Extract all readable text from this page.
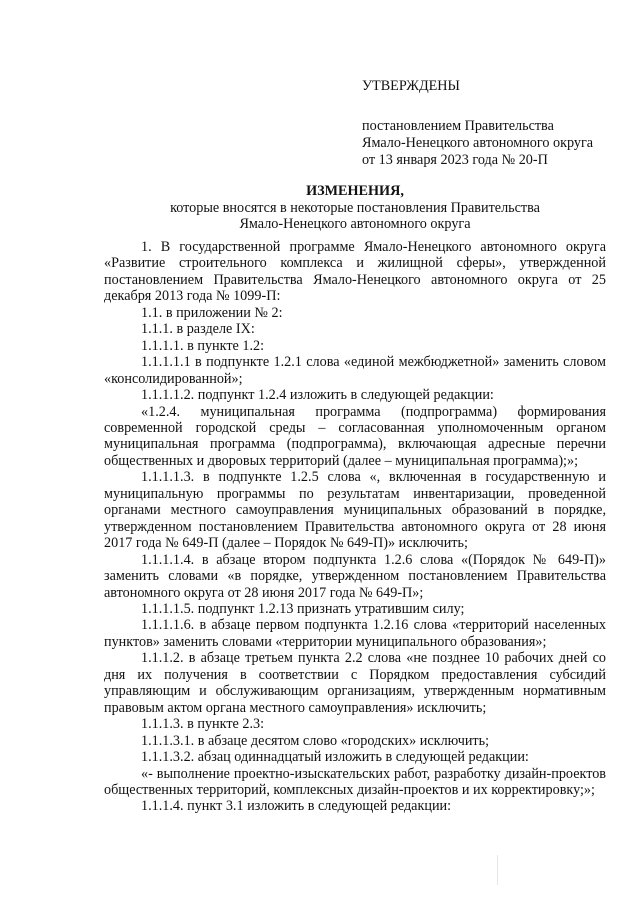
УТВЕРЖДЕНЫ
постановлением Правительства
Ямало-Ненецкого автономного округа
от 13 января 2023 года № 20-П
ИЗМЕНЕНИЯ,
которые вносятся в некоторые постановления Правительства
Ямало-Ненецкого автономного округа

1. В государственной программе Ямало-Ненецкого автономного округа «Развитие строительного комплекса и жилищной сферы», утвержденной постановлением Правительства Ямало-Ненецкого автономного округа от 25 декабря 2013 года № 1099-П:

1.1. в приложении № 2:

1.1.1. в разделе IX:

1.1.1.1. в пункте 1.2:

1.1.1.1.1 в подпункте 1.2.1 слова «единой межбюджетной» заменить словом «консолидированной»;

1.1.1.1.2. подпункт 1.2.4 изложить в следующей редакции:

«1.2.4. муниципальная программа (подпрограмма) формирования современной городской среды – согласованная уполномоченным органом муниципальная программа (подпрограмма), включающая адресные перечни общественных и дворовых территорий (далее – муниципальная программа);»;

1.1.1.1.3. в подпункте 1.2.5 слова «, включенная в государственную и муниципальную программы по результатам инвентаризации, проведенной органами местного самоуправления муниципальных образований в порядке, утвержденном постановлением Правительства автономного округа от 28 июня 2017 года № 649-П (далее – Порядок № 649-П)» исключить;

1.1.1.1.4. в абзаце втором подпункта 1.2.6 слова «(Порядок № 649-П)» заменить словами «в порядке, утвержденном постановлением Правительства автономного округа от 28 июня 2017 года № 649-П»;

1.1.1.1.5. подпункт 1.2.13 признать утратившим силу;

1.1.1.1.6. в абзаце первом подпункта 1.2.16 слова «территорий населенных пунктов» заменить словами «территории муниципального образования»;

1.1.1.2. в абзаце третьем пункта 2.2 слова «не позднее 10 рабочих дней со дня их получения в соответствии с Порядком предоставления субсидий управляющим и обслуживающим организациям, утвержденным нормативным правовым актом органа местного самоуправления» исключить;

1.1.1.3. в пункте 2.3:

1.1.1.3.1. в абзаце десятом слово «городских» исключить;

1.1.1.3.2. абзац одиннадцатый изложить в следующей редакции:

«- выполнение проектно-изыскательских работ, разработку дизайн-проектов общественных территорий, комплексных дизайн-проектов и их корректировку;»;

1.1.1.4. пункт 3.1 изложить в следующей редакции:
